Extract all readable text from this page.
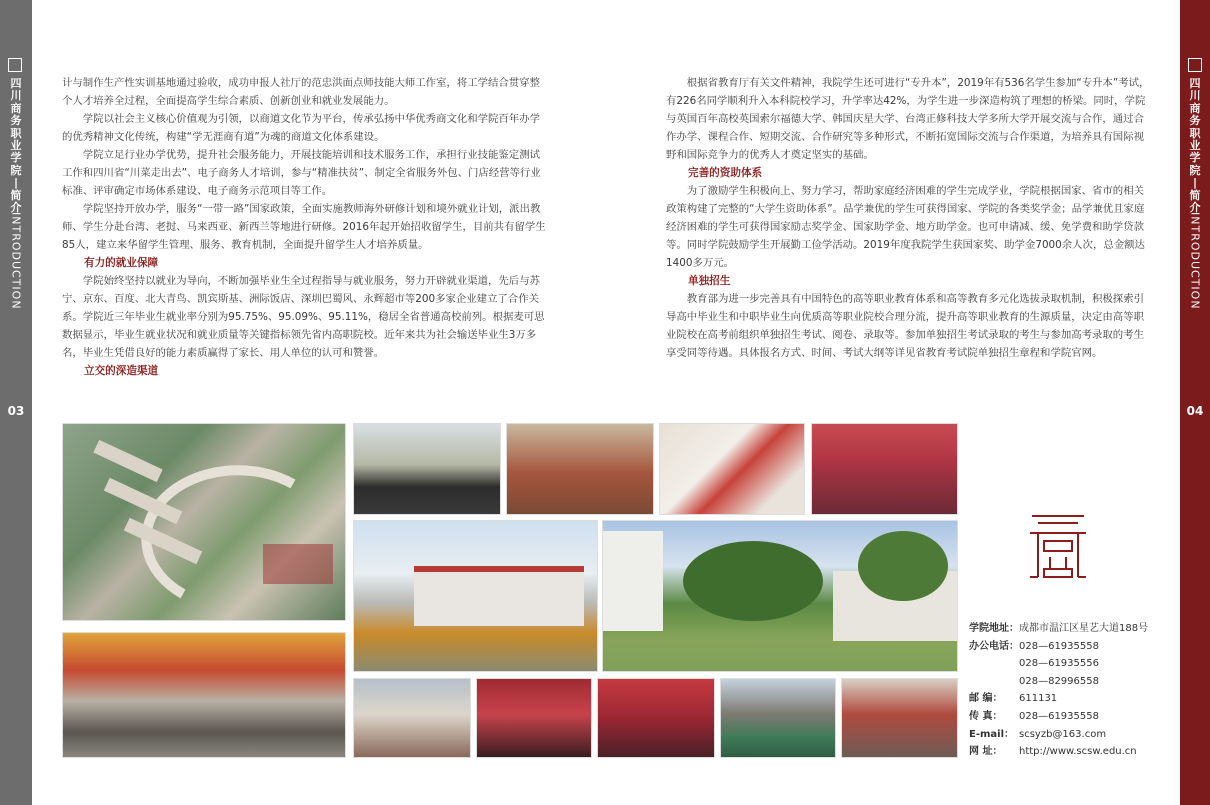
四
川
商
务
职
业
学
院
|
简
介
INTRODUCTION
03
四
川
商
务
职
业
学
院
|
简
介
INTRODUCTION
04

计与制作生产性实训基地通过验收，成功申报人社厅的范忠洪面点师技能大师工作室，将工学结合贯穿整个人才培养全过程，全面提高学生综合素质、创新创业和就业发展能力。

学院以社会主义核心价值观为引领，以商道文化节为平台，传承弘扬中华优秀商文化和学院百年办学的优秀精神文化传统，构建“学无涯商有道”为魂的商道文化体系建设。

学院立足行业办学优势，提升社会服务能力，开展技能培训和技术服务工作，承担行业技能鉴定测试工作和四川省“川菜走出去”、电子商务人才培训，参与“精准扶贫”、制定全省服务外包、门店经营等行业标准、评审确定市场体系建设、电子商务示范项目等工作。

学院坚持开放办学，服务“一带一路”国家政策，全面实施教师海外研修计划和境外就业计划，派出教师、学生分赴台湾、老挝、马来西亚、新西兰等地进行研修。2016年起开始招收留学生，目前共有留学生85人，建立来华留学生管理、服务、教育机制，全面提升留学生人才培养质量。

有力的就业保障

学院始终坚持以就业为导向，不断加强毕业生全过程指导与就业服务，努力开辟就业渠道，先后与苏宁、京东、百度、北大青鸟、凯宾斯基、洲际饭店、深圳巴蜀风、永辉超市等200多家企业建立了合作关系。学院近三年毕业生就业率分别为95.75%、95.09%、95.11%，稳居全省普通高校前列。根据麦可思数据显示，毕业生就业状况和就业质量等关键指标领先省内高职院校。近年来共为社会输送毕业生3万多名，毕业生凭借良好的能力素质赢得了家长、用人单位的认可和赞誉。

立交的深造渠道

根据省教育厅有关文件精神，我院学生还可进行“专升本”，2019年有536名学生参加“专升本”考试，有226名同学顺利升入本科院校学习，升学率达42%，为学生进一步深造构筑了理想的桥梁。同时，学院与英国百年高校英国索尔福德大学、韩国庆星大学、台湾正修科技大学多所大学开展交流与合作，通过合作办学、课程合作、短期交流、合作研究等多种形式，不断拓宽国际交流与合作渠道，为培养具有国际视野和国际竞争力的优秀人才奠定坚实的基础。

完善的资助体系

为了激励学生积极向上、努力学习，帮助家庭经济困难的学生完成学业，学院根据国家、省市的相关政策构建了完整的“大学生资助体系”。品学兼优的学生可获得国家、学院的各类奖学金；品学兼优且家庭经济困难的学生可获得国家励志奖学金、国家助学金、地方助学金。也可申请减、缓、免学费和助学贷款等。同时学院鼓励学生开展勤工俭学活动。2019年度我院学生获国家奖、助学金7000余人次，总金额达1400多万元。

单独招生

教育部为进一步完善具有中国特色的高等职业教育体系和高等教育多元化选拔录取机制，积极探索引导高中毕业生和中职毕业生向优质高等职业院校合理分流，提升高等职业教育的生源质量，决定由高等职业院校在高考前组织单独招生考试、阅卷、录取等。参加单独招生考试录取的考生与参加高考录取的考生享受同等待遇。具体报名方式、时间、考试大纲等详见省教育考试院单独招生章程和学院官网。

学院地址： 成都市温江区星艺大道188号
办公电话： 028—61935558
028—61935556
028—82996558
邮 编：	611131
传 真：	028—61935558
E-mail： scsyzb@163.com
网 址：	http://www.scsw.edu.cn
